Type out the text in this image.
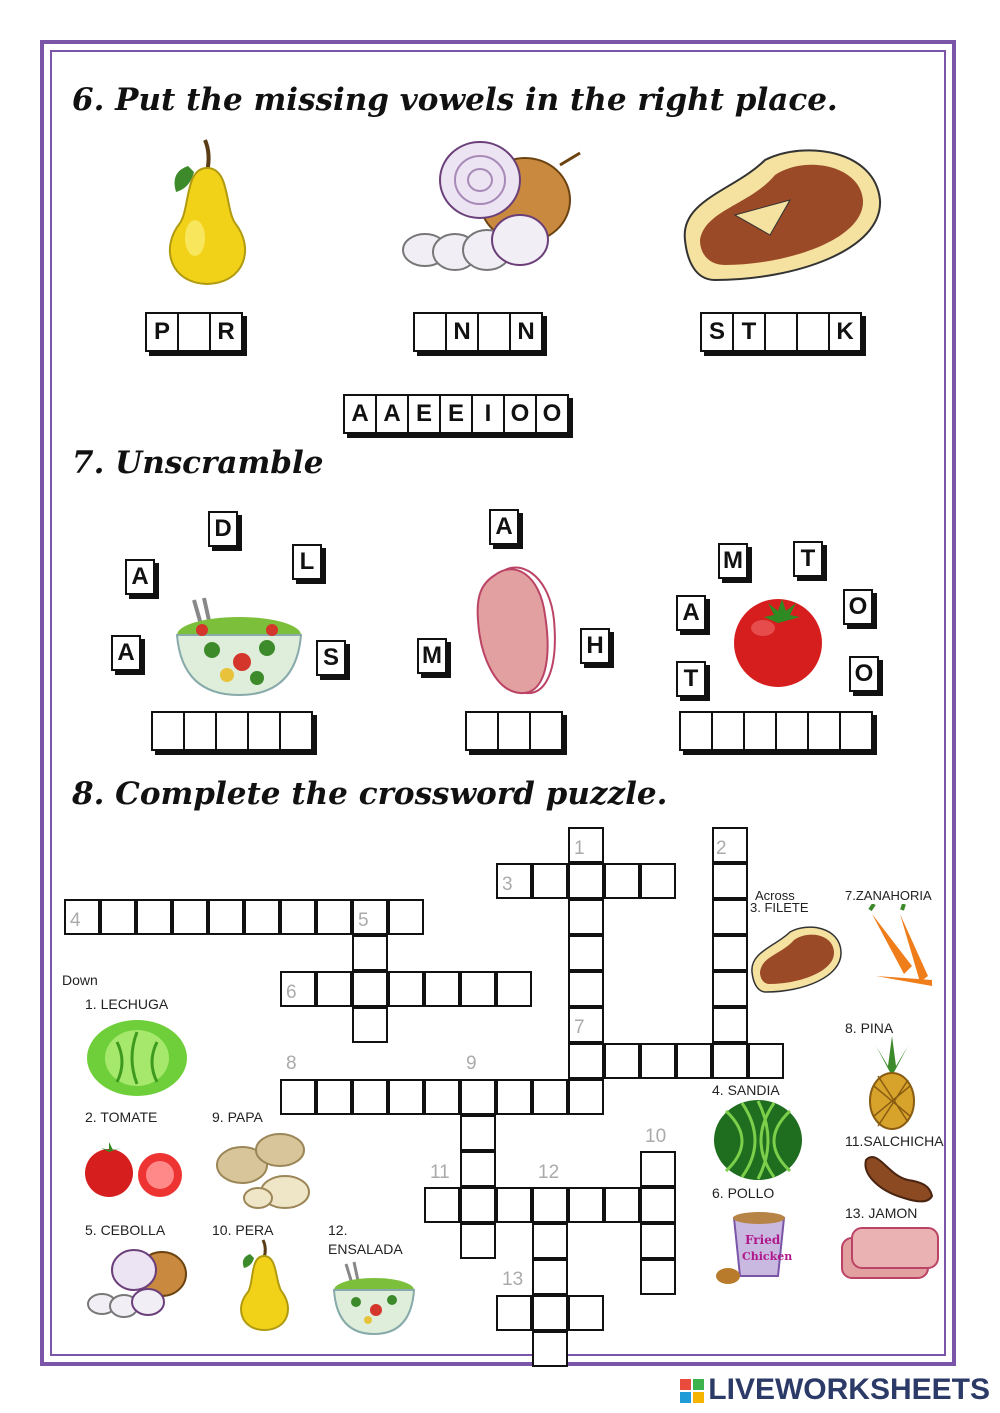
6. Put the missing vowels in the right place.
P	R	N	N	S T	K
A A E E I O O
7. Unscramble
D
A
L
A	S
A
M	H
M	T
A	O
T	O
8. Complete the crossword puzzle.
1	2
3
4	5
6
7
8	9
10
11	12
13
Down
1. LECHUGA
2. TOMATE	9. PAPA
5. CEBOLLA	10. PERA	12.
ENSALADA
Across
3. FILETE
7.ZANAHORIA
8. PINA
4. SANDIA
11.SALCHICHA
6. POLLO
Fried
Chicken
13. JAMON
LIVEWORKSHEETS
